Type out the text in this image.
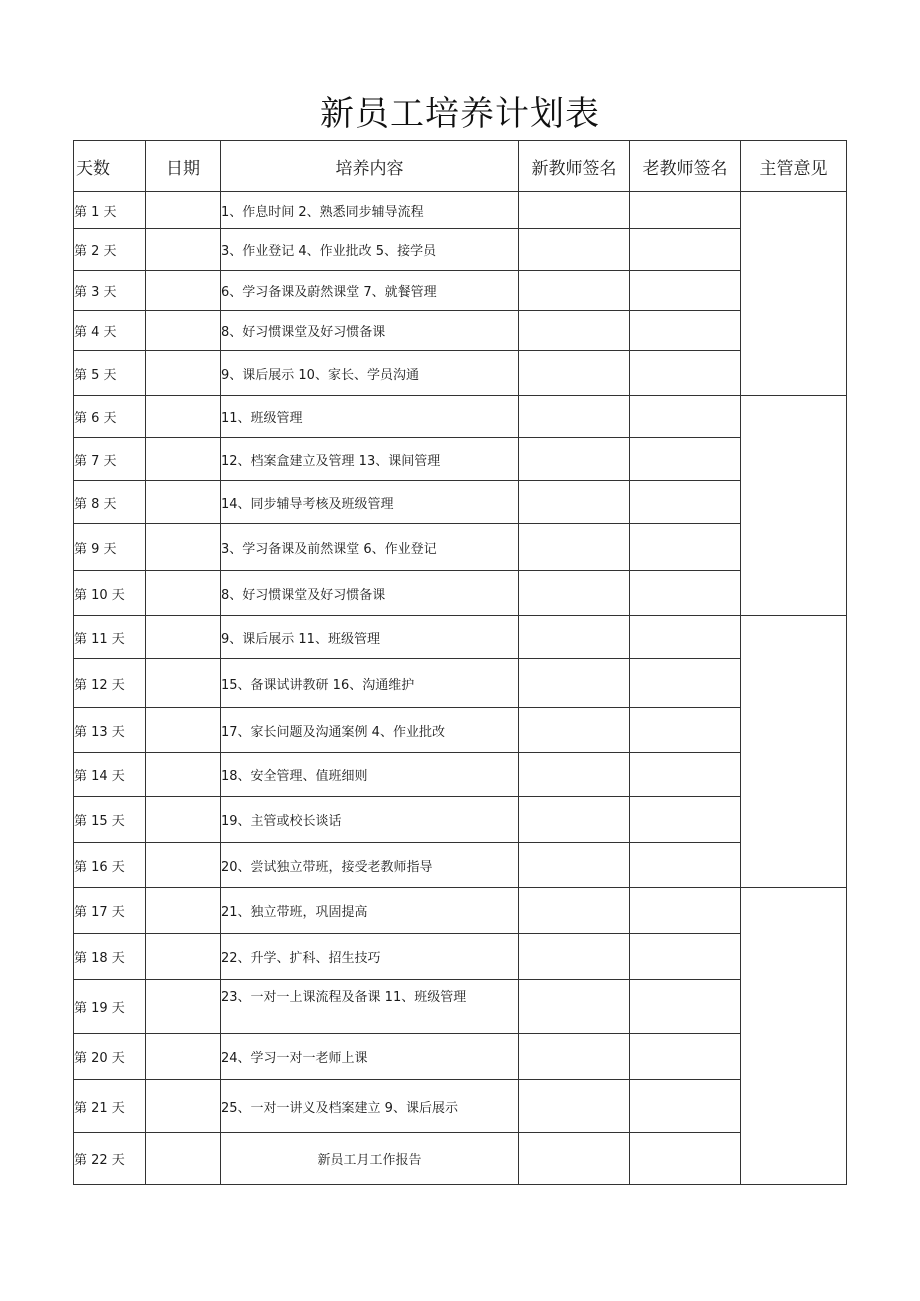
新员工培养计划表
天数	日期	培养内容	新教师签名	老教师签名	主管意见
第 1 天		1、作息时间 2、熟悉同步辅导流程			
第 2 天		3、作业登记 4、作业批改 5、接学员			
第 3 天		6、学习备课及蔚然课堂 7、就餐管理			
第 4 天		8、好习惯课堂及好习惯备课			
第 5 天		9、课后展示 10、家长、学员沟通			
第 6 天		11、班级管理			
第 7 天		12、档案盒建立及管理 13、课间管理			
第 8 天		14、同步辅导考核及班级管理			
第 9 天		3、学习备课及前然课堂 6、作业登记			
第 10 天		8、好习惯课堂及好习惯备课			
第 11 天		9、课后展示 11、班级管理			
第 12 天		15、备课试讲教研 16、沟通维护			
第 13 天		17、家长问题及沟通案例 4、作业批改			
第 14 天		18、安全管理、值班细则			
第 15 天		19、主管或校长谈话			
第 16 天		20、尝试独立带班，接受老教师指导			
第 17 天		21、独立带班，巩固提高			
第 18 天		22、升学、扩科、招生技巧			
第 19 天		23、一对一上课流程及备课 11、班级管理			
第 20 天		24、学习一对一老师上课			
第 21 天		25、一对一讲义及档案建立 9、课后展示			
第 22 天		新员工月工作报告			
